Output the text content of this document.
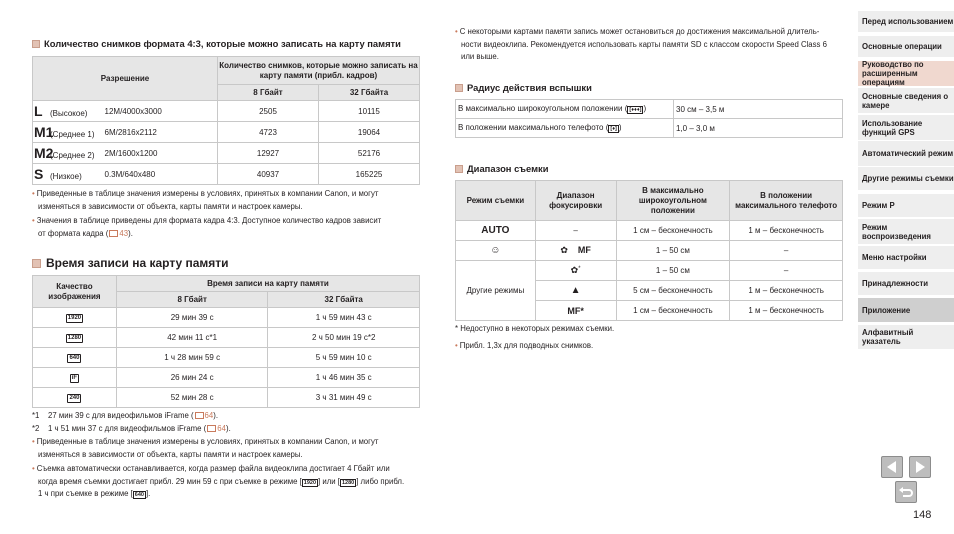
Количество снимков формата 4:3, которые можно записать на карту памяти
Разрешение		Количество снимков, которые можно записать на карту памяти (прибл. кадров)	
		8 Гбайт	32 Гбайта
L (Высокое)	12M/4000x3000	2505	10115
M1(Среднее 1)	6M/2816x2112	4723	19064
M2(Среднее 2)	2M/1600x1200	12927	52176
S (Низкое)	0.3M/640x480	40937	165225
• Приведенные в таблице значения измерены в условиях, принятых в компании Canon, и могут
изменяться в зависимости от объекта, карты памяти и настроек камеры.
• Значения в таблице приведены для формата кадра 4:3. Доступное количество кадров зависит
от формата кадра ( 43).
Время записи на карту памяти
Качество изображения	Время записи на карту памяти	
	8 Гбайт	32 Гбайта
1920	29 мин 39 с	1 ч 59 мин 43 с
1280	42 мин 11 с*1	2 ч 50 мин 19 с*2
640	1 ч 28 мин 59 с	5 ч 59 мин 10 с
iF	26 мин 24 с	1 ч 46 мин 35 с
240	52 мин 28 с	3 ч 31 мин 49 с
*1 27 мин 39 с для видеофильмов iFrame ( 64).
*2 1 ч 51 мин 37 с для видеофильмов iFrame ( 64).
• Приведенные в таблице значения измерены в условиях, принятых в компании Canon, и могут
изменяться в зависимости от объекта, карты памяти и настроек камеры.
• Съемка автоматически останавливается, когда размер файла видеоклипа достигает 4 Гбайт или
когда время съемки достигает прибл. 29 мин 59 с при съемке в режиме [ 1920 ] или [ 1280 ] либо прибл.
1 ч при съемке в режиме [ 640 ].
• С некоторыми картами памяти запись может остановиться до достижения максимальной длитель-
ности видеоклипа. Рекомендуется использовать карты памяти SD с классом скорости Speed Class 6
или выше.
Радиус действия вспышки
В максимально широкоугольном положении ( [♦♦♦] )	30 см – 3,5 м
В положении максимального телефото ( [♦] )	1,0 – 3,0 м
Диапазон съемки
Режим съемки	Диапазон фокусировки	В максимально широкоугольном положении	В положении максимального телефото
AUTO	–	1 см – бесконечность	1 м – бесконечность
☺	✿ MF	1 – 50 см	–
Другие режимы	✿*	1 – 50 см	–
	▲	5 см – бесконечность	1 м – бесконечность
	MF*	1 см – бесконечность	1 м – бесконечность
* Недоступно в некоторых режимах съемки.
• Прибл. 1,3x для подводных снимков.
Перед использованием
Основные операции
Руководство по расширенным операциям
Основные сведения о камере
Использование функций GPS
Автоматический режим
Другие режимы съемки
Режим P
Режим воспроизведения
Меню настройки
Принадлежности
Приложение
Алфавитный указатель
148
